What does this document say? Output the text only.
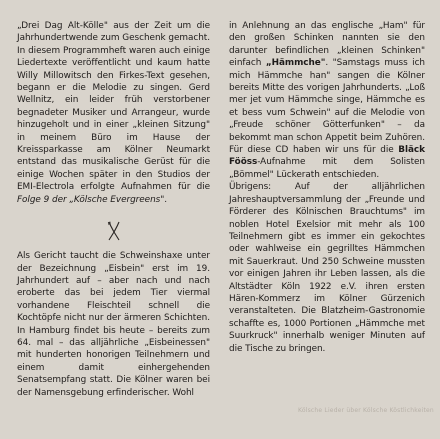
„Drei Dag Alt-Kölle" aus der Zeit um die Jahrhundertwende zum Geschenk gemacht. In diesem Programmheft waren auch einige Liedertexte veröffentlicht und kaum hatte Willy Millowitsch den Firkes-Text gesehen, begann er die Melodie zu singen. Gerd Wellnitz, ein leider früh verstorbener begnadeter Musiker und Arrangeur, wurde hinzugeholt und in einer „kleinen Sitzung" in meinem Büro im Hause der Kreissparkasse am Kölner Neumarkt entstand das musikalische Gerüst für die einige Wochen später in den Studios der EMI-Electrola erfolgte Aufnahmen für die Folge 9 der „Kölsche Evergreens".

Als Gericht taucht die Schweinshaxe unter der Bezeichnung „Eisbein" erst im 19. Jahrhundert auf – aber nach und nach eroberte das bei jedem Tier viermal vorhandene Fleischteil schnell die Kochtöpfe nicht nur der ärmeren Schichten. In Hamburg findet bis heute – bereits zum 64. mal – das alljährliche „Eisbeinessen" mit hunderten honorigen Teilnehmern und einem damit einhergehenden Senatsempfang statt. Die Kölner waren bei der Namensgebung erfinderischer. Wohl

in Anlehnung an das englische „Ham" für den großen Schinken nannten sie den darunter befindlichen „kleinen Schinken" einfach „Hämmche". "Samstags muss ich mich Hämmche han" sangen die Kölner bereits Mitte des vorigen Jahrhunderts. „Loß mer jet vum Hämmche singe, Hämmche es et bess vum Schwein" auf die Melodie von „Freude schöner Götterfunken" – da bekommt man schon Appetit beim Zuhören. Für diese CD haben wir uns für die Bläck Fööss-Aufnahme mit dem Solisten „Bömmel" Lückerath entschieden.

Übrigens: Auf der alljährlichen Jahreshauptversammlung der „Freunde und Förderer des Kölnischen Brauchtums" im noblen Hotel Exelsior mit mehr als 100 Teilnehmern gibt es immer ein gekochtes oder wahlweise ein gegrilltes Hämmchen mit Sauerkraut. Und 250 Schweine mussten vor einigen Jahren ihr Leben lassen, als die Altstädter Köln 1922 e.V. ihren ersten Hären-Kommerz im Kölner Gürzenich veranstalteten. Die Blatzheim-Gastronomie schaffte es, 1000 Portionen „Hämmche met Suurkruck" innerhalb weniger Minuten auf die Tische zu bringen.

Kölsche Lieder über Kölsche Köstlichkeiten
